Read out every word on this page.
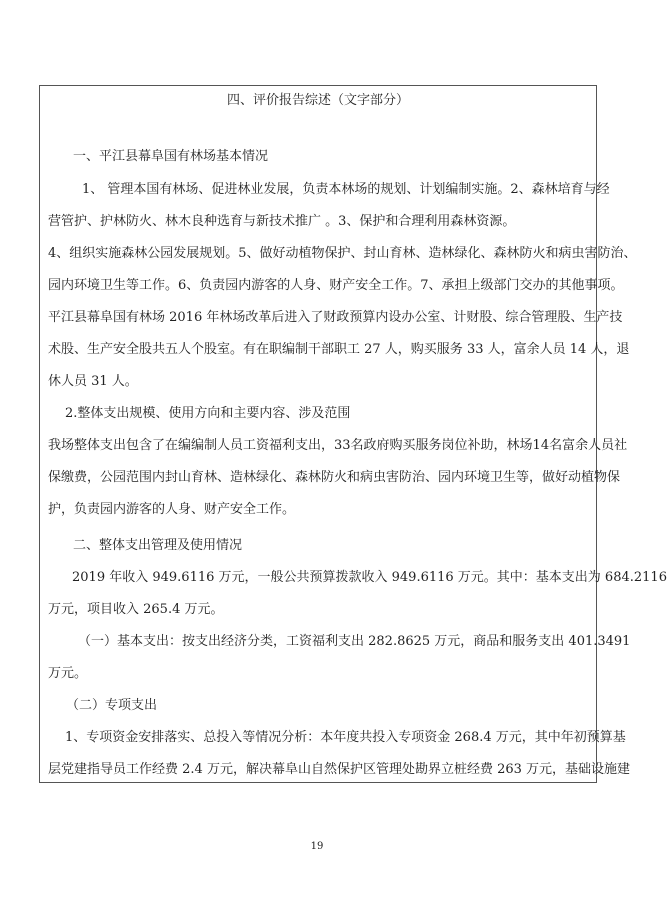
四、评价报告综述（文字部分）
一、平江县幕阜国有林场基本情况
1、 管理本国有林场、促进林业发展，负责本林场的规划、计划编制实施。2、森林培育与经
营管护、护林防火、林木良种选育与新技术推广 。3、保护和合理利用森林资源。
4、组织实施森林公园发展规划。5、做好动植物保护、封山育林、造林绿化、森林防火和病虫害防治、
园内环境卫生等工作。6、负责园内游客的人身、财产安全工作。7、承担上级部门交办的其他事项。
平江县幕阜国有林场 2016 年林场改革后进入了财政预算内设办公室、计财股、综合管理股、生产技
术股、生产安全股共五人个股室。有在职编制干部职工 27 人，购买服务 33 人，富余人员 14 人，退
休人员 31 人。
2.整体支出规模、使用方向和主要内容、涉及范围
我场整体支出包含了在编编制人员工资福利支出，33名政府购买服务岗位补助，林场14名富余人员社
保缴费，公园范围内封山育林、造林绿化、森林防火和病虫害防治、园内环境卫生等，做好动植物保
护，负责园内游客的人身、财产安全工作。
二、整体支出管理及使用情况
2019 年收入 949.6116 万元，一般公共预算拨款收入 949.6116 万元。其中：基本支出为 684.2116
万元，项目收入 265.4 万元。
（一）基本支出：按支出经济分类，工资福利支出 282.8625 万元，商品和服务支出 401.3491
万元。
（二）专项支出
1、专项资金安排落实、总投入等情况分析：本年度共投入专项资金 268.4 万元，其中年初预算基
层党建指导员工作经费 2.4 万元，解决幕阜山自然保护区管理处勘界立桩经费 263 万元，基础设施建
19
